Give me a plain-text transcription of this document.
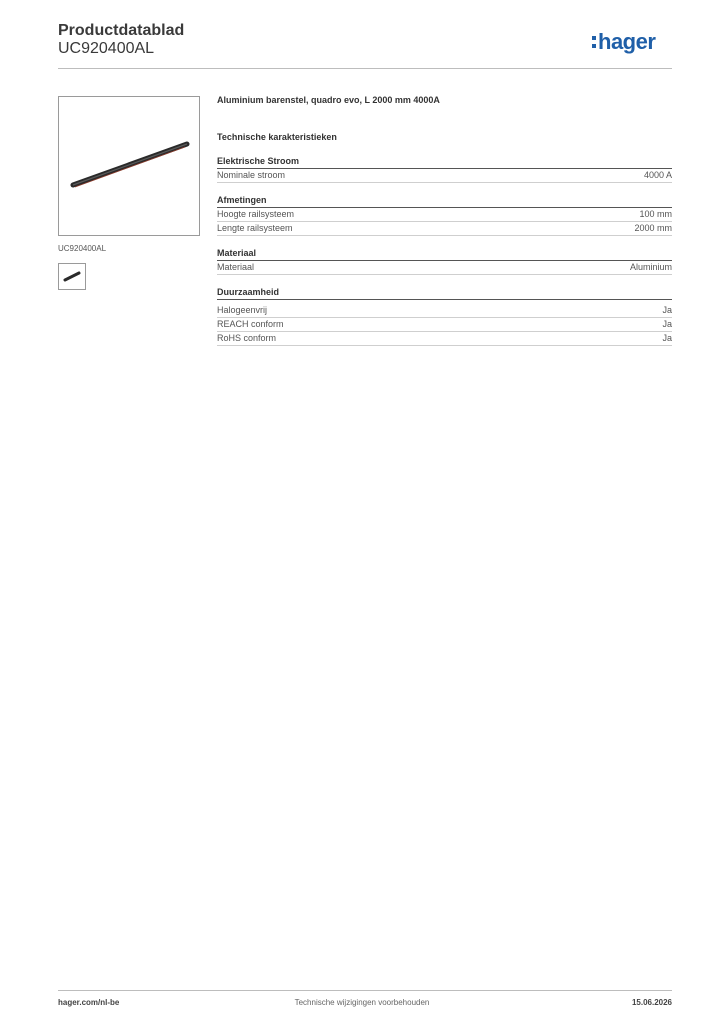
Productdatablad
UC920400AL	hager
UC920400AL
Aluminium barenstel, quadro evo, L 2000 mm 4000A
Technische karakteristieken
Elektrische Stroom
Nominale stroom	4000 A
Afmetingen
Hoogte railsysteem	100 mm
Lengte railsysteem	2000 mm
Materiaal
Materiaal	Aluminium
Duurzaamheid
Halogeenvrij	Ja
REACH conform	Ja
RoHS conform	Ja
hager.com/nl-be	Technische wijzigingen voorbehouden	15.06.2026
